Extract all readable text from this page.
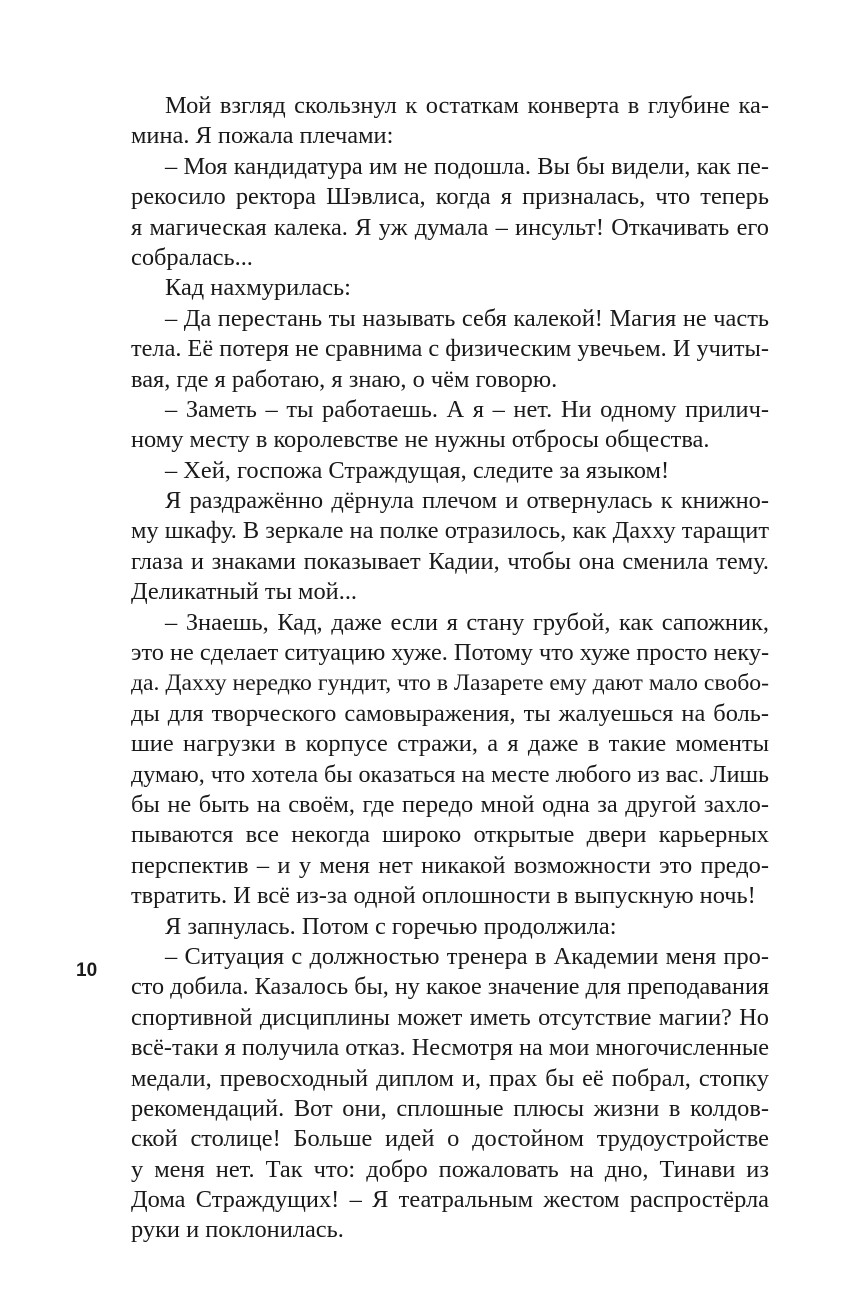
Мой взгляд скользнул к остаткам конверта в глубине ка-
мина. Я пожала плечами:
– Моя кандидатура им не подошла. Вы бы видели, как пе-
рекосило ректора Шэвлиса, когда я призналась, что теперь
я магическая калека. Я уж думала – инсульт! Откачивать его
собралась...
Кад нахмурилась:
– Да перестань ты называть себя калекой! Магия не часть
тела. Её потеря не сравнима с физическим увечьем. И учиты-
вая, где я работаю, я знаю, о чём говорю.
– Заметь – ты работаешь. А я – нет. Ни одному прилич-
ному месту в королевстве не нужны отбросы общества.
– Хей, госпожа Страждущая, следите за языком!
Я раздражённо дёрнула плечом и отвернулась к книжно-
му шкафу. В зеркале на полке отразилось, как Дахху таращит
глаза и знаками показывает Кадии, чтобы она сменила тему.
Деликатный ты мой...
– Знаешь, Кад, даже если я стану грубой, как сапожник,
это не сделает ситуацию хуже. Потому что хуже просто неку-
да. Дахху нередко гундит, что в Лазарете ему дают мало свобо-
ды для творческого самовыражения, ты жалуешься на боль-
шие нагрузки в корпусе стражи, а я даже в такие моменты
думаю, что хотела бы оказаться на месте любого из вас. Лишь
бы не быть на своём, где передо мной одна за другой захло-
пываются все некогда широко открытые двери карьерных
перспектив – и у меня нет никакой возможности это предо-
твратить. И всё из-за одной оплошности в выпускную ночь!
Я запнулась. Потом с горечью продолжила:
– Ситуация с должностью тренера в Академии меня про-
сто добила. Казалось бы, ну какое значение для преподавания
спортивной дисциплины может иметь отсутствие магии? Но
всё-таки я получила отказ. Несмотря на мои многочисленные
медали, превосходный диплом и, прах бы её побрал, стопку
рекомендаций. Вот они, сплошные плюсы жизни в колдов-
ской столице! Больше идей о достойном трудоустройстве
у меня нет. Так что: добро пожаловать на дно, Тинави из
Дома Страждущих! – Я театральным жестом распростёрла
руки и поклонилась.
10
